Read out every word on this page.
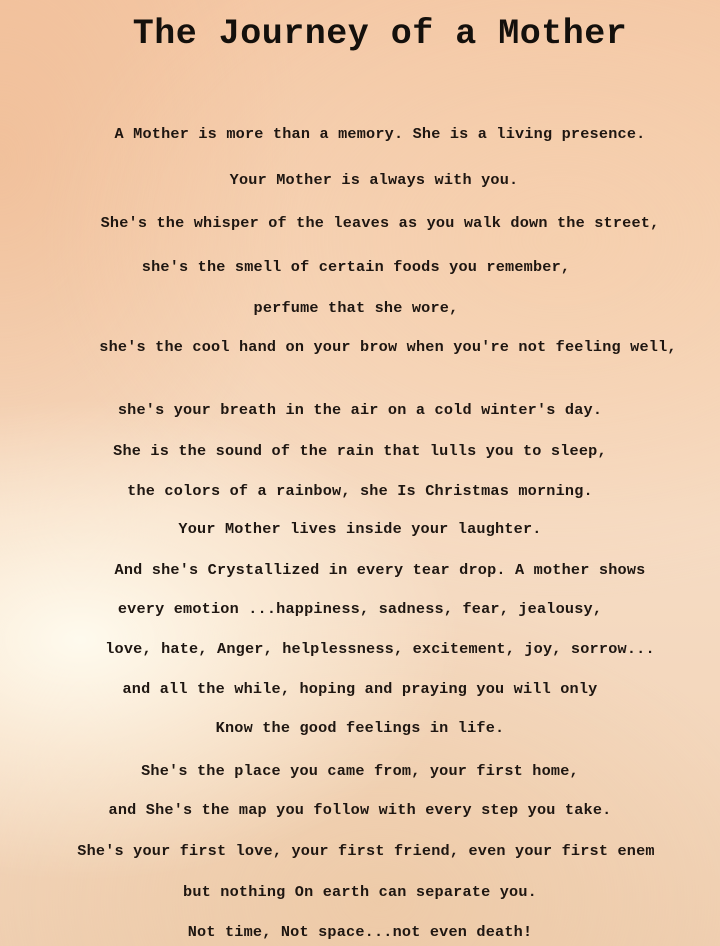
The Journey of a Mother

A Mother is more than a memory. She is a living presence.

Your Mother is always with you.

She's the whisper of the leaves as you walk down the street,

she's the smell of certain foods you remember,

perfume that she wore,

she's the cool hand on your brow when you're not feeling well,

she's your breath in the air on a cold winter's day.

She is the sound of the rain that lulls you to sleep,

the colors of a rainbow, she Is Christmas morning.

Your Mother lives inside your laughter.

And she's Crystallized in every tear drop. A mother shows

every emotion ...happiness, sadness, fear, jealousy,

love, hate, Anger, helplessness, excitement, joy, sorrow...

and all the while, hoping and praying you will only

Know the good feelings in life.

She's the place you came from, your first home,

and She's the map you follow with every step you take.

She's your first love, your first friend, even your first enem

but nothing On earth can separate you.

Not time, Not space...not even death!
